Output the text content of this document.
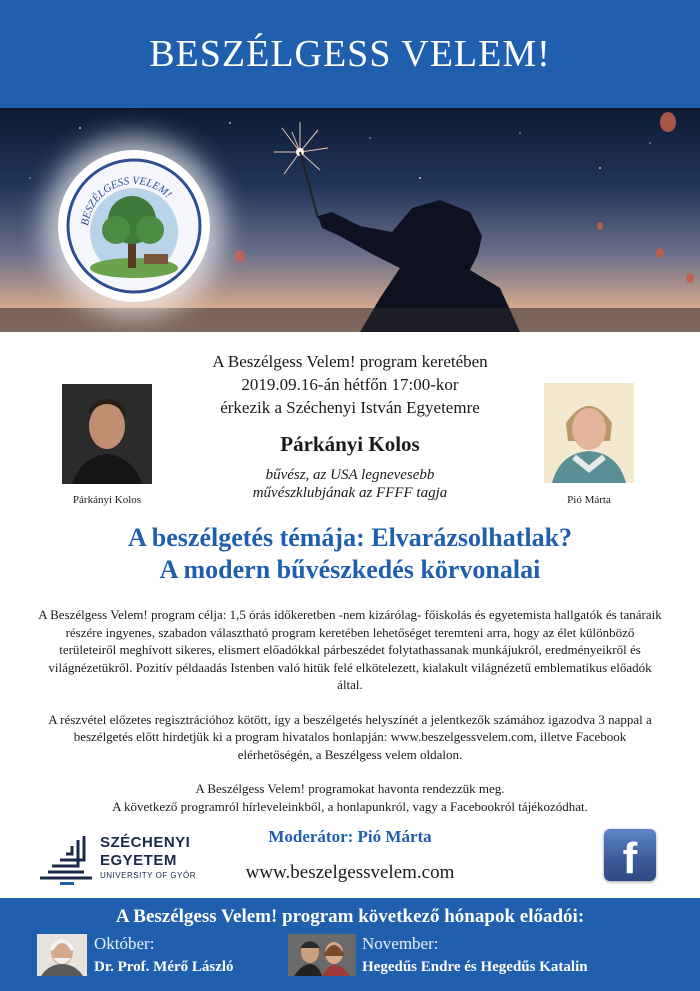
BESZÉLGESS VELEM!
BESZÉLGESS VELEM!
A Beszélgess Velem! program keretében
2019.09.16-án hétfőn 17:00-kor
érkezik a Széchenyi István Egyetemre
Párkányi Kolos
Párkányi Kolos
bűvész, az USA legnevesebb
művészklubjának az FFFF tagja	Pió Márta
A beszélgetés témája: Elvarázsolhatlak?
A modern bűvészkedés körvonalai

A Beszélgess Velem! program célja: 1,5 órás időkeretben -nem kizárólag- főiskolás és egyetemista hallgatók és tanáraik részére ingyenes, szabadon választható program keretében lehetőséget teremteni arra, hogy az élet különböző területeiről meghívott sikeres, elismert előadókkal párbeszédet folytathassanak munkájukról, eredményeikről és világnézetükről. Pozitív példaadás Istenben való hitük felé elkötelezett, kialakult világnézetű emblematikus előadók által.

A részvétel előzetes regisztrációhoz kötött, így a beszélgetés helyszínét a jelentkezők számához igazodva 3 nappal a beszélgetés előtt hirdetjük ki a program hivatalos honlapján: www.beszelgessvelem.com, illetve Facebook elérhetőségén, a Beszélgess velem oldalon.

A Beszélgess Velem! programokat havonta rendezzük meg.
A következő programról hírleveleinkből, a honlapunkról, vagy a Facebookról tájékozódhat.
SZÉCHENYI
EGYETEM
UNIVERSITY OF GYŐR
Moderátor: Pió Márta
www.beszelgessvelem.com	f
A Beszélgess Velem! program következő hónapok előadói:
Október:
Dr. Prof. Mérő László
November:
Hegedűs Endre és Hegedűs Katalin
